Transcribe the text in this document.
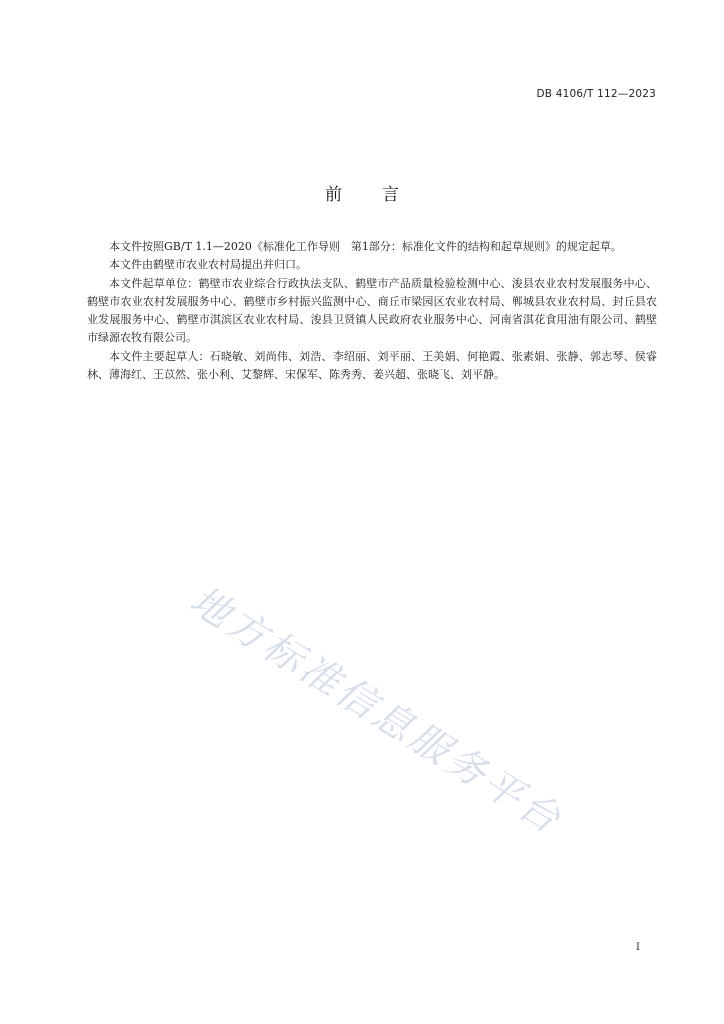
DB 4106/T 112—2023

前言

本文件按照GB/T 1.1—2020《标准化工作导则　第1部分：标准化文件的结构和起草规则》的规定起草。

本文件由鹤壁市农业农村局提出并归口。

本文件起草单位：鹤壁市农业综合行政执法支队、鹤壁市产品质量检验检测中心、浚县农业农村发展服务中心、鹤壁市农业农村发展服务中心、鹤壁市乡村振兴监测中心、商丘市梁园区农业农村局、郸城县农业农村局、封丘县农业发展服务中心、鹤壁市淇滨区农业农村局、浚县卫贤镇人民政府农业服务中心、河南省淇花食用油有限公司、鹤壁市绿源农牧有限公司。

本文件主要起草人：石晓敏、刘尚伟、刘浩、李绍丽、刘平丽、王美娟、何艳霞、张素娟、张静、郭志琴、侯睿林、薄海红、王苡然、张小利、艾黎辉、宋保军、陈秀秀、姜兴超、张晓飞、刘平静。

地方标准信息服务平台

I
